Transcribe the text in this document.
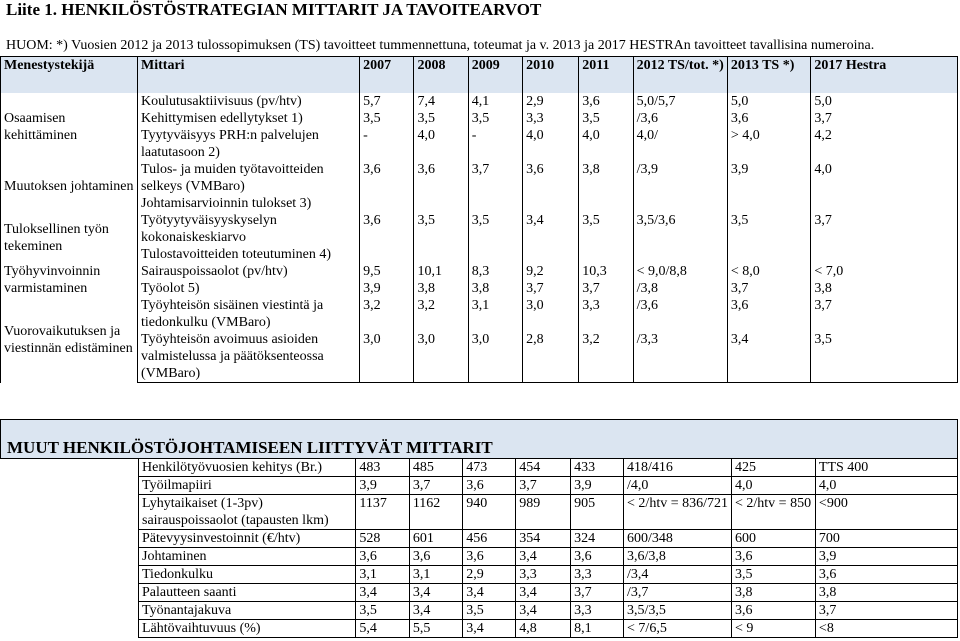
Liite 1. HENKILÖSTÖSTRATEGIAN MITTARIT JA TAVOITEARVOT
HUOM: *) Vuosien 2012 ja 2013 tulossopimuksen (TS) tavoitteet tummennettuna, toteumat ja v. 2013 ja 2017 HESTRAn tavoitteet tavallisina numeroina.
Menestystekijä	Mittari	2007	2008	2009	2010	2011	2012 TS/tot. *)	2013 TS *)	2017 Hestra
Osaamisen kehittäminen	Koulutusaktiivisuus (pv/htv)	5,7	7,4	4,1	2,9	3,6	5,0/5,7	5,0	5,0
	Kehittymisen edellytykset 1)	3,5	3,5	3,5	3,3	3,5	/3,6	3,6	3,7
	Tyytyväisyys PRH:n palvelujen laatutasoon 2)	-	4,0	-	4,0	4,0	4,0/	> 4,0	4,2
Muutoksen johtaminen	Tulos- ja muiden työtavoitteiden selkeys (VMBaro)	3,6	3,6	3,7	3,6	3,8	/3,9	3,9	4,0
	Johtamisarvioinnin tulokset 3)								
Tuloksellinen työn tekeminen	Työtyytyväisyyskyselyn kokonaiskeskiarvo	3,6	3,5	3,5	3,4	3,5	3,5/3,6	3,5	3,7
	Tulostavoitteiden toteutuminen 4)								
Työhyvinvoinnin varmistaminen	Sairauspoissaolot (pv/htv)	9,5	10,1	8,3	9,2	10,3	< 9,0/8,8	< 8,0	< 7,0
	Työolot 5)	3,9	3,8	3,8	3,7	3,7	/3,8	3,7	3,8
Vuorovaikutuksen ja viestinnän edistäminen	Työyhteisön sisäinen viestintä ja tiedonkulku (VMBaro)	3,2	3,2	3,1	3,0	3,3	/3,6	3,6	3,7
	Työyhteisön avoimuus asioiden valmistelussa ja päätöksenteossa (VMBaro)	3,0	3,0	3,0	2,8	3,2	/3,3	3,4	3,5
MUUT HENKILÖSTÖJOHTAMISEEN LIITTYVÄT MITTARIT
Henkilötyövuosien kehitys (Br.)	483	485	473	454	433	418/416	425	TTS 400
Työilmapiiri	3,9	3,7	3,6	3,7	3,9	/4,0	4,0	4,0
Lyhytaikaiset (1-3pv) sairauspoissaolot (tapausten lkm)	1137	1162	940	989	905	< 2/htv = 836/721	< 2/htv = 850	<900
Pätevyysinvestoinnit (€/htv)	528	601	456	354	324	600/348	600	700
Johtaminen	3,6	3,6	3,6	3,4	3,6	3,6/3,8	3,6	3,9
Tiedonkulku	3,1	3,1	2,9	3,3	3,3	/3,4	3,5	3,6
Palautteen saanti	3,4	3,4	3,4	3,4	3,7	/3,7	3,8	3,8
Työnantajakuva	3,5	3,4	3,5	3,4	3,3	3,5/3,5	3,6	3,7
Lähtövaihtuvuus (%)	5,4	5,5	3,4	4,8	8,1	< 7/6,5	< 9	<8
